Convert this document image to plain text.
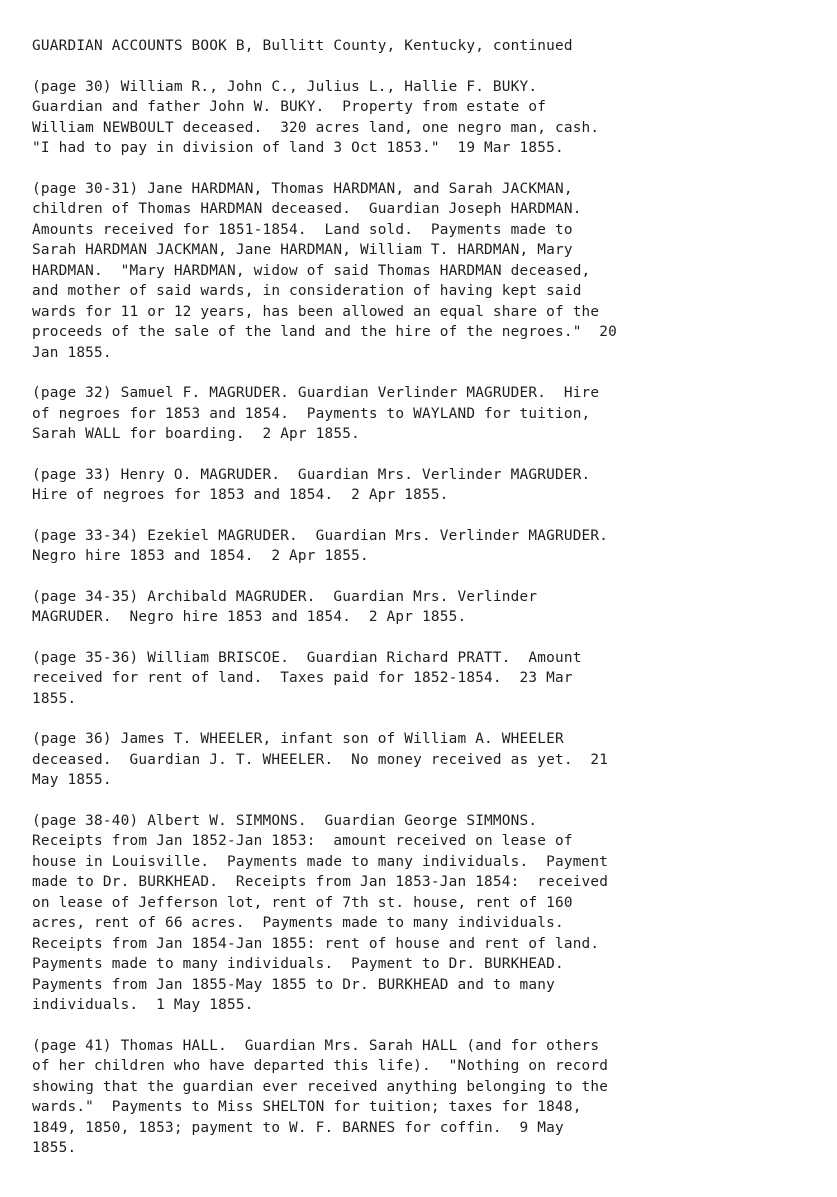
GUARDIAN ACCOUNTS BOOK B, Bullitt County, Kentucky, continued
(page 30) William R., John C., Julius L., Hallie F. BUKY.
Guardian and father John W. BUKY.  Property from estate of
William NEWBOULT deceased.  320 acres land, one negro man, cash.
"I had to pay in division of land 3 Oct 1853."  19 Mar 1855.
(page 30-31) Jane HARDMAN, Thomas HARDMAN, and Sarah JACKMAN,
children of Thomas HARDMAN deceased.  Guardian Joseph HARDMAN.
Amounts received for 1851-1854.  Land sold.  Payments made to
Sarah HARDMAN JACKMAN, Jane HARDMAN, William T. HARDMAN, Mary
HARDMAN.  "Mary HARDMAN, widow of said Thomas HARDMAN deceased,
and mother of said wards, in consideration of having kept said
wards for 11 or 12 years, has been allowed an equal share of the
proceeds of the sale of the land and the hire of the negroes."  20
Jan 1855.
(page 32) Samuel F. MAGRUDER. Guardian Verlinder MAGRUDER.  Hire
of negroes for 1853 and 1854.  Payments to WAYLAND for tuition,
Sarah WALL for boarding.  2 Apr 1855.
(page 33) Henry O. MAGRUDER.  Guardian Mrs. Verlinder MAGRUDER.
Hire of negroes for 1853 and 1854.  2 Apr 1855.
(page 33-34) Ezekiel MAGRUDER.  Guardian Mrs. Verlinder MAGRUDER.
Negro hire 1853 and 1854.  2 Apr 1855.
(page 34-35) Archibald MAGRUDER.  Guardian Mrs. Verlinder
MAGRUDER.  Negro hire 1853 and 1854.  2 Apr 1855.
(page 35-36) William BRISCOE.  Guardian Richard PRATT.  Amount
received for rent of land.  Taxes paid for 1852-1854.  23 Mar
1855.
(page 36) James T. WHEELER, infant son of William A. WHEELER
deceased.  Guardian J. T. WHEELER.  No money received as yet.  21
May 1855.
(page 38-40) Albert W. SIMMONS.  Guardian George SIMMONS.
Receipts from Jan 1852-Jan 1853:  amount received on lease of
house in Louisville.  Payments made to many individuals.  Payment
made to Dr. BURKHEAD.  Receipts from Jan 1853-Jan 1854:  received
on lease of Jefferson lot, rent of 7th st. house, rent of 160
acres, rent of 66 acres.  Payments made to many individuals.
Receipts from Jan 1854-Jan 1855: rent of house and rent of land.
Payments made to many individuals.  Payment to Dr. BURKHEAD.
Payments from Jan 1855-May 1855 to Dr. BURKHEAD and to many
individuals.  1 May 1855.
(page 41) Thomas HALL.  Guardian Mrs. Sarah HALL (and for others
of her children who have departed this life).  "Nothing on record
showing that the guardian ever received anything belonging to the
wards."  Payments to Miss SHELTON for tuition; taxes for 1848,
1849, 1850, 1853; payment to W. F. BARNES for coffin.  9 May
1855.
